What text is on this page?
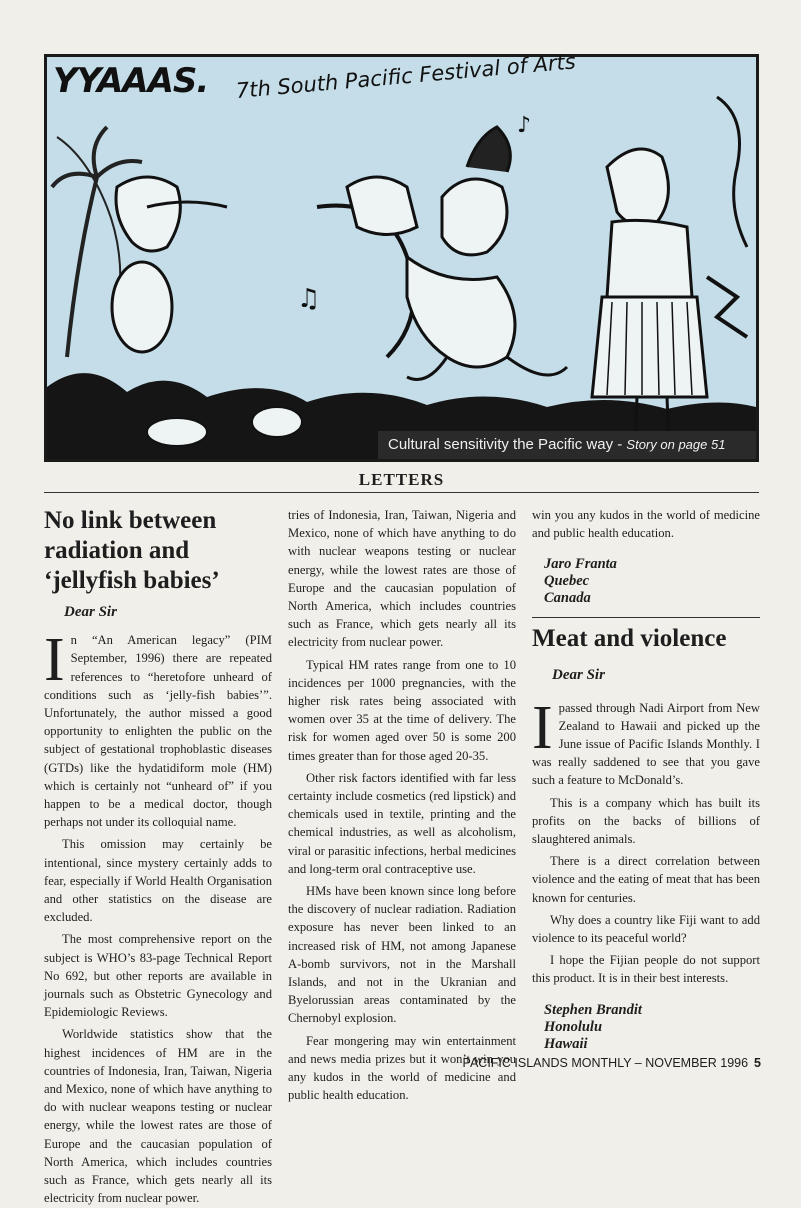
♫
♪
YYAAAS. 7th South Pacific Festival of Arts
Cultural sensitivity the Pacific way - Story on page 51
LETTERS
No link between radiation and ‘jellyfish babies’
Dear Sir

In “An American legacy” (PIM September, 1996) there are repeated references to “heretofore unheard of conditions such as ‘jelly-fish babies’”. Unfortunately, the author missed a good opportunity to enlighten the public on the subject of gestational trophoblastic diseases (GTDs) like the hydatidiform mole (HM) which is certainly not “unheard of” if you happen to be a medical doctor, though perhaps not under its colloquial name.

This omission may certainly be intentional, since mystery certainly adds to fear, especially if World Health Organisation and other statistics on the disease are excluded.

The most comprehensive report on the subject is WHO’s 83-page Technical Report No 692, but other reports are available in journals such as Obstetric Gynecology and Epidemiologic Reviews.

Worldwide statistics show that the highest incidences of HM are in the countries of Indonesia, Iran, Taiwan, Nigeria and Mexico, none of which have anything to do with nuclear weapons testing or nuclear energy, while the lowest rates are those of Europe and the caucasian population of North America, which includes countries such as France, which gets nearly all its electricity from nuclear power.

tries of Indonesia, Iran, Taiwan, Nigeria and Mexico, none of which have anything to do with nuclear weapons testing or nuclear energy, while the lowest rates are those of Europe and the caucasian population of North America, which includes countries such as France, which gets nearly all its electricity from nuclear power.

Typical HM rates range from one to 10 incidences per 1000 pregnancies, with the higher risk rates being associated with women over 35 at the time of delivery. The risk for women aged over 50 is some 200 times greater than for those aged 20-35.

Other risk factors identified with far less certainty include cosmetics (red lipstick) and chemicals used in textile, printing and the chemical industries, as well as alcoholism, viral or parasitic infections, herbal medicines and long-term oral contraceptive use.

HMs have been known since long before the discovery of nuclear radiation. Radiation exposure has never been linked to an increased risk of HM, not among Japanese A-bomb survivors, not in the Marshall Islands, and not in the Ukranian and Byelorussian areas contaminated by the Chernobyl explosion.

Fear mongering may win entertainment and news media prizes but it won’t win you any kudos in the world of medicine and public health education.

win you any kudos in the world of medicine and public health education.

Jaro Franta
Quebec
Canada
Meat and violence
Dear Sir

Ipassed through Nadi Airport from New Zealand to Hawaii and picked up the June issue of Pacific Islands Monthly. I was really saddened to see that you gave such a feature to McDonald’s.

This is a company which has built its profits on the backs of billions of slaughtered animals.

There is a direct correlation between violence and the eating of meat that has been known for centuries.

Why does a country like Fiji want to add violence to its peaceful world?

I hope the Fijian people do not support this product. It is in their best interests.

Stephen Brandit
Honolulu
Hawaii
PACIFIC ISLANDS MONTHLY – NOVEMBER 1996 5
